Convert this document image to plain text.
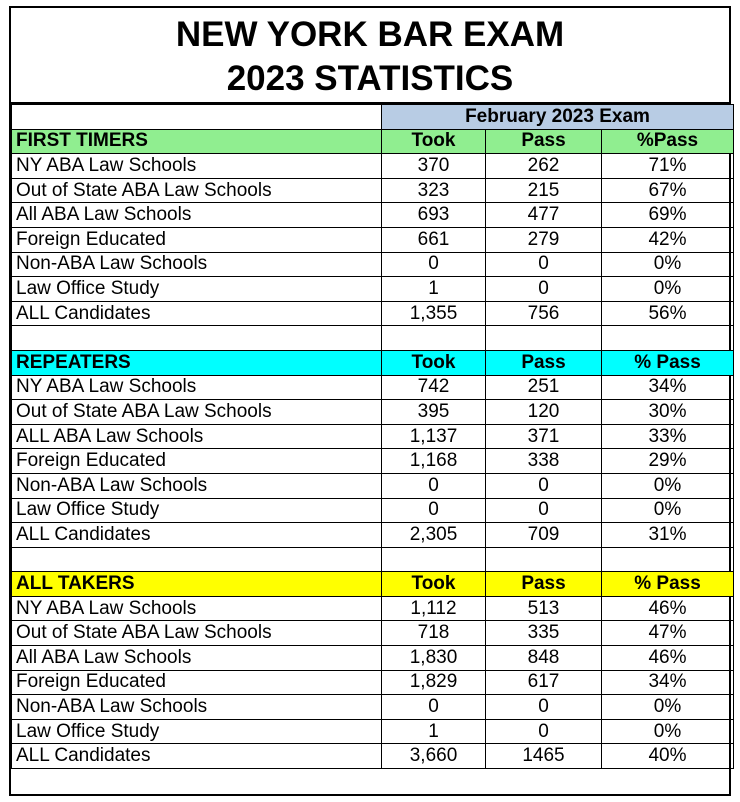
NEW YORK BAR EXAM
2023 STATISTICS
	February 2023 Exam		
FIRST TIMERS	Took	Pass	%Pass
NY ABA Law Schools	370	262	71%
Out of State ABA Law Schools	323	215	67%
All ABA Law Schools	693	477	69%
Foreign Educated	661	279	42%
Non-ABA Law Schools	0	0	0%
Law Office Study	1	0	0%
ALL Candidates	1,355	756	56%

REPEATERS	Took	Pass	% Pass
NY ABA Law Schools	742	251	34%
Out of State ABA Law Schools	395	120	30%
ALL ABA Law Schools	1,137	371	33%
Foreign Educated	1,168	338	29%
Non-ABA Law Schools	0	0	0%
Law Office Study	0	0	0%
ALL Candidates	2,305	709	31%

ALL TAKERS	Took	Pass	% Pass
NY ABA Law Schools	1,112	513	46%
Out of State ABA Law Schools	718	335	47%
All ABA Law Schools	1,830	848	46%
Foreign Educated	1,829	617	34%
Non-ABA Law Schools	0	0	0%
Law Office Study	1	0	0%
ALL Candidates	3,660	1465	40%
